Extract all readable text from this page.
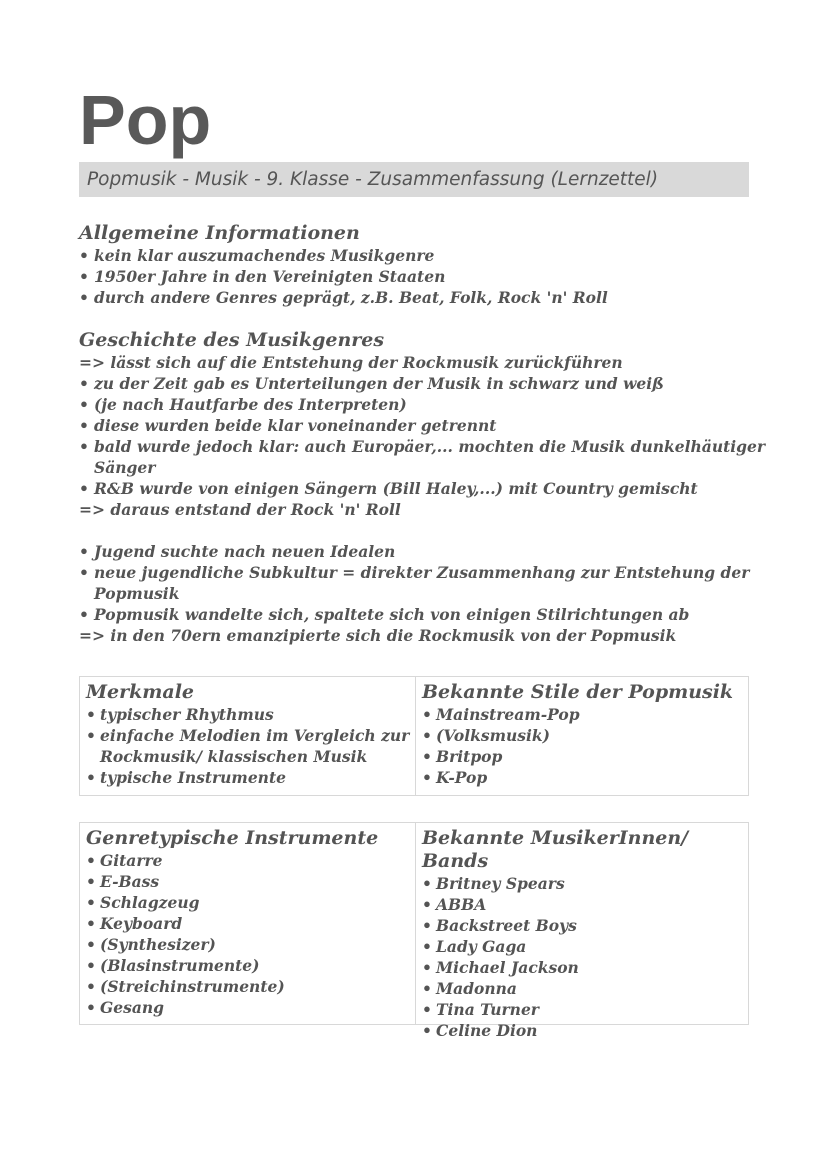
Pop
Popmusik - Musik - 9. Klasse - Zusammenfassung (Lernzettel)
Allgemeine Informationen
• kein klar auszumachendes Musikgenre
• 1950er Jahre in den Vereinigten Staaten
• durch andere Genres geprägt, z.B. Beat, Folk, Rock 'n' Roll
Geschichte des Musikgenres
=> lässt sich auf die Entstehung der Rockmusik zurückführen
• zu der Zeit gab es Unterteilungen der Musik in schwarz und weiß
• (je nach Hautfarbe des Interpreten)
• diese wurden beide klar voneinander getrennt
• bald wurde jedoch klar: auch Europäer,... mochten die Musik dunkelhäutiger
Sänger
• R&B wurde von einigen Sängern (Bill Haley,...) mit Country gemischt
=> daraus entstand der Rock 'n' Roll
• Jugend suchte nach neuen Idealen
• neue jugendliche Subkultur = direkter Zusammenhang zur Entstehung der
Popmusik
• Popmusik wandelte sich, spaltete sich von einigen Stilrichtungen ab
=> in den 70ern emanzipierte sich die Rockmusik von der Popmusik
Merkmale
• typischer Rhythmus
• einfache Melodien im Vergleich zur
Rockmusik/ klassischen Musik
• typische Instrumente
Bekannte Stile der Popmusik
• Mainstream-Pop
• (Volksmusik)
• Britpop
• K-Pop
Genretypische Instrumente
• Gitarre
• E-Bass
• Schlagzeug
• Keyboard
• (Synthesizer)
• (Blasinstrumente)
• (Streichinstrumente)
• Gesang
Bekannte MusikerInnen/ Bands
• Britney Spears
• ABBA
• Backstreet Boys
• Lady Gaga
• Michael Jackson
• Madonna
• Tina Turner
• Celine Dion
